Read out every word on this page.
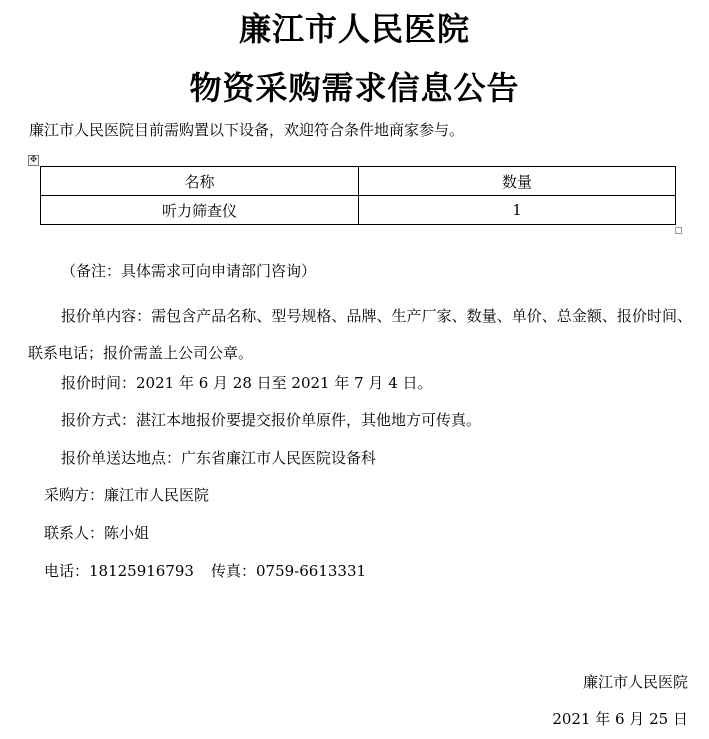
廉江市人民医院
物资采购需求信息公告
廉江市人民医院目前需购置以下设备，欢迎符合条件地商家参与。
✥
名称	数量
听力筛查仪	1
（备注：具体需求可向申请部门咨询）
报价单内容：需包含产品名称、型号规格、品牌、生产厂家、数量、单价、总金额、报价时间、联系电话；报价需盖上公司公章。
报价时间：2021 年 6 月 28 日至 2021 年 7 月 4 日。
报价方式：湛江本地报价要提交报价单原件，其他地方可传真。
报价单送达地点：广东省廉江市人民医院设备科
采购方：廉江市人民医院
联系人：陈小姐
电话：18125916793 传真：0759-6613331
廉江市人民医院
2021 年 6 月 25 日
